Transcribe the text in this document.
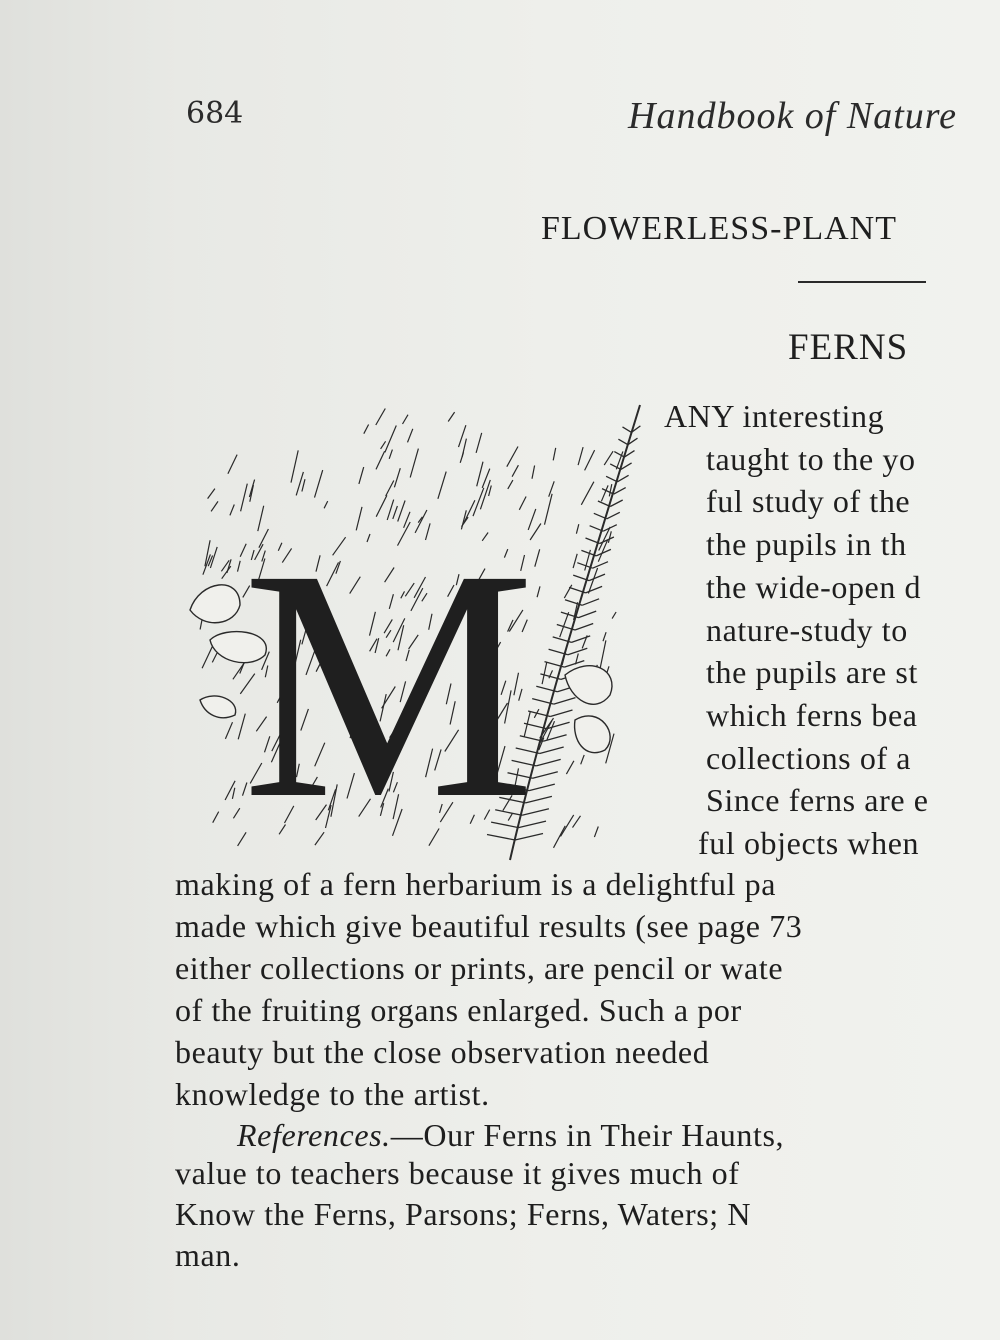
684	Handbook of Nature
FLOWERLESS-PLANT
FERNS
M
ANY interesting
taught to the yo
ful study of the
the pupils in th
the wide-open d
nature-study to
the pupils are st
which ferns bea
collections of a
Since ferns are e
ful objects when
making of a fern herbarium is a delightful pa
made which give beautiful results (see page 73
either collections or prints, are pencil or wate
of the fruiting organs enlarged. Such a por
beauty but the close observation needed
knowledge to the artist.
References.—Our Ferns in Their Haunts,
value to teachers because it gives much of
Know the Ferns, Parsons; Ferns, Waters; N
man.
